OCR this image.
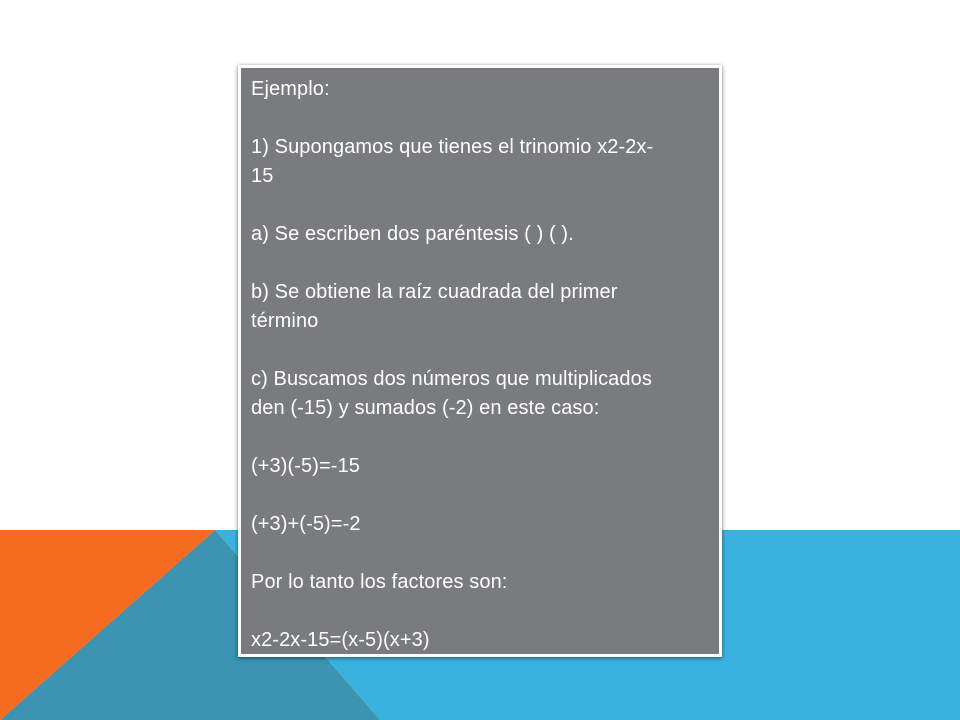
Ejemplo:

1) Supongamos que tienes el trinomio x2-2x-

15

a) Se escriben dos paréntesis ( ) ( ).

b) Se obtiene la raíz cuadrada del primer

término

c) Buscamos dos números que multiplicados

den (-15) y sumados (-2) en este caso:

(+3)(-5)=-15

(+3)+(-5)=-2

Por lo tanto los factores son:

x2-2x-15=(x-5)(x+3)
